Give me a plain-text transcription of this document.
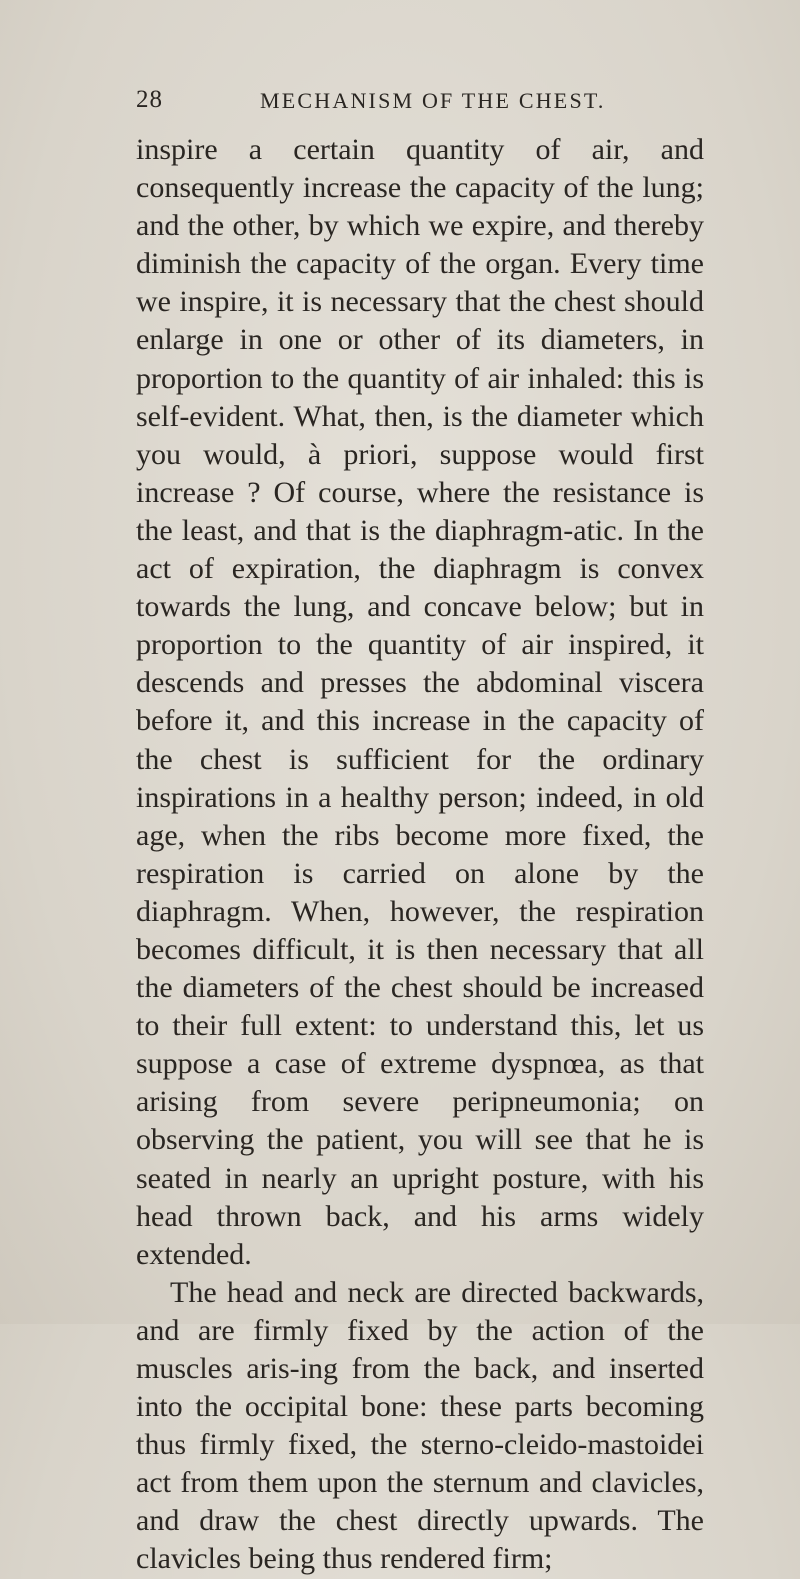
28	MECHANISM OF THE CHEST.

inspire a certain quantity of air, and consequently increase the capacity of the lung; and the other, by which we expire, and thereby diminish the capacity of the organ. Every time we inspire, it is necessary that the chest should enlarge in one or other of its diameters, in proportion to the quantity of air inhaled: this is self-evident. What, then, is the diameter which you would, à priori, suppose would first increase ? Of course, where the resistance is the least, and that is the diaphragm-atic. In the act of expiration, the diaphragm is convex towards the lung, and concave below; but in proportion to the quantity of air inspired, it descends and presses the abdominal viscera before it, and this increase in the capacity of the chest is sufficient for the ordinary inspirations in a healthy person; indeed, in old age, when the ribs become more fixed, the respiration is carried on alone by the diaphragm. When, however, the respiration becomes difficult, it is then necessary that all the diameters of the chest should be increased to their full extent: to understand this, let us suppose a case of extreme dyspnœa, as that arising from severe peripneumonia; on observing the patient, you will see that he is seated in nearly an upright posture, with his head thrown back, and his arms widely extended.

The head and neck are directed backwards, and are firmly fixed by the action of the muscles aris-ing from the back, and inserted into the occipital bone: these parts becoming thus firmly fixed, the sterno-cleido-mastoidei act from them upon the sternum and clavicles, and draw the chest directly upwards. The clavicles being thus rendered firm;
